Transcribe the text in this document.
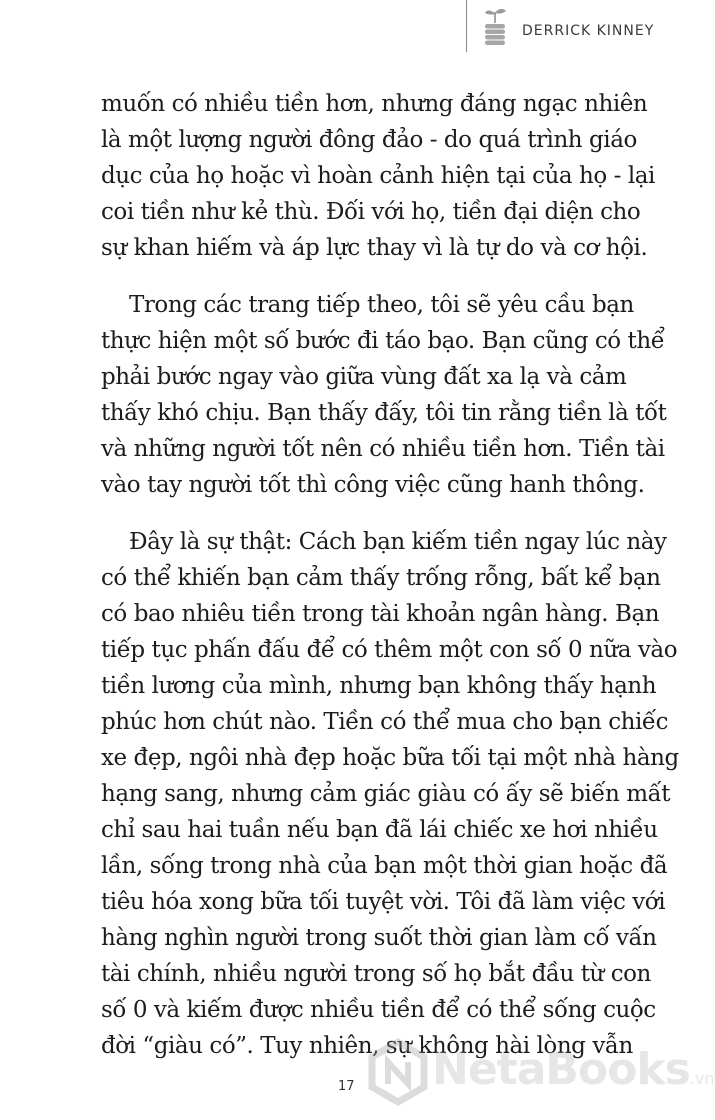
DERRICK KINNEY
muốn có nhiều tiền hơn, nhưng đáng ngạc nhiên
là một lượng người đông đảo - do quá trình giáo
dục của họ hoặc vì hoàn cảnh hiện tại của họ - lại
coi tiền như kẻ thù. Đối với họ, tiền đại diện cho
sự khan hiếm và áp lực thay vì là tự do và cơ hội.
Trong các trang tiếp theo, tôi sẽ yêu cầu bạn
thực hiện một số bước đi táo bạo. Bạn cũng có thể
phải bước ngay vào giữa vùng đất xa lạ và cảm
thấy khó chịu. Bạn thấy đấy, tôi tin rằng tiền là tốt
và những người tốt nên có nhiều tiền hơn. Tiền tài
vào tay người tốt thì công việc cũng hanh thông.
Đây là sự thật: Cách bạn kiếm tiền ngay lúc này
có thể khiến bạn cảm thấy trống rỗng, bất kể bạn
có bao nhiêu tiền trong tài khoản ngân hàng. Bạn
tiếp tục phấn đấu để có thêm một con số 0 nữa vào
tiền lương của mình, nhưng bạn không thấy hạnh
phúc hơn chút nào. Tiền có thể mua cho bạn chiếc
xe đẹp, ngôi nhà đẹp hoặc bữa tối tại một nhà hàng
hạng sang, nhưng cảm giác giàu có ấy sẽ biến mất
chỉ sau hai tuần nếu bạn đã lái chiếc xe hơi nhiều
lần, sống trong nhà của bạn một thời gian hoặc đã
tiêu hóa xong bữa tối tuyệt vời. Tôi đã làm việc với
hàng nghìn người trong suốt thời gian làm cố vấn
tài chính, nhiều người trong số họ bắt đầu từ con
số 0 và kiếm được nhiều tiền để có thể sống cuộc
đời “giàu có”. Tuy nhiên, sự không hài lòng vẫn
NetaBooks.vn
17
